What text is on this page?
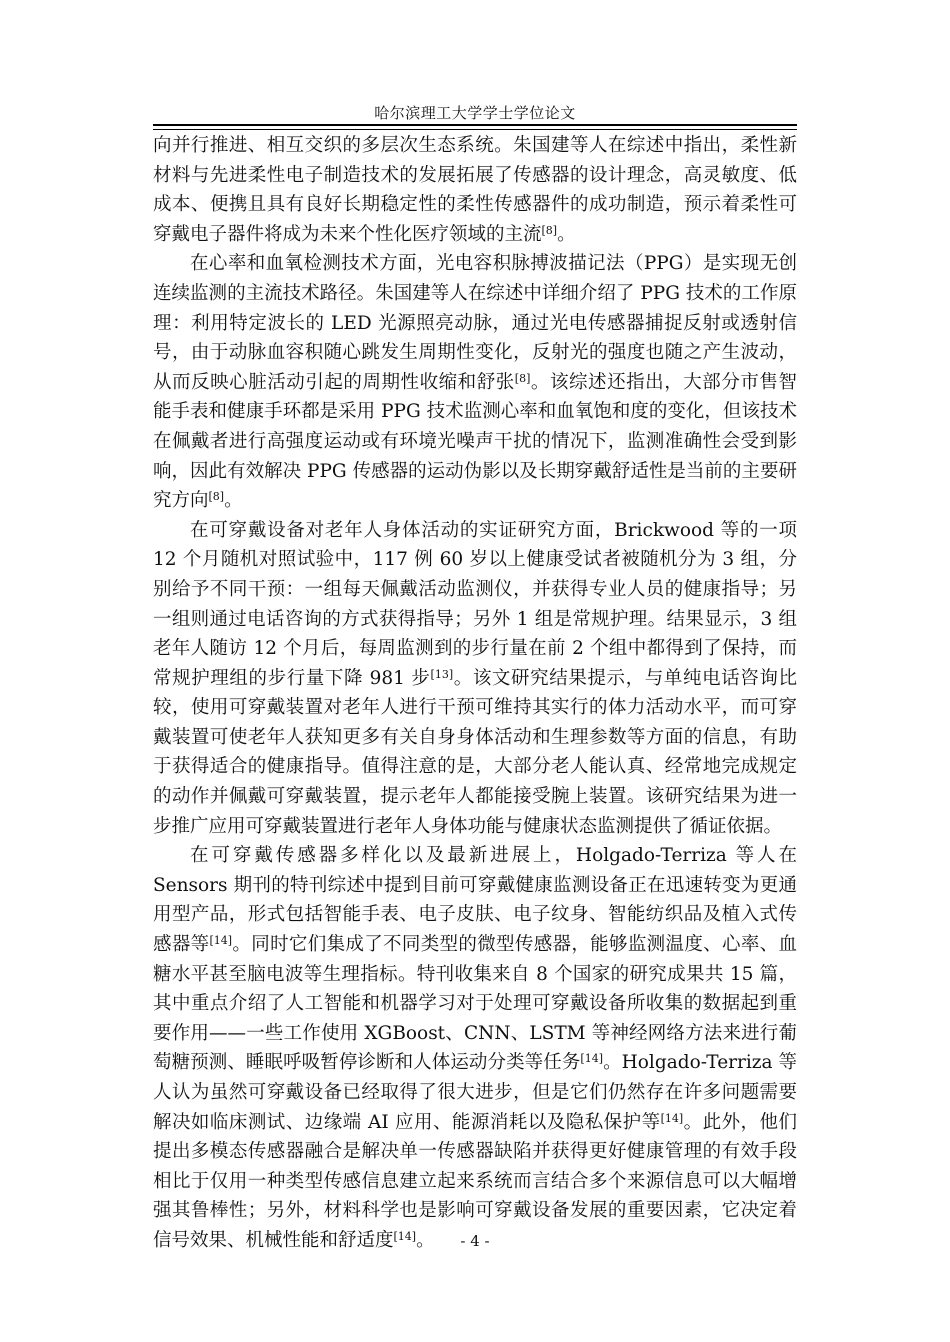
哈尔滨理工大学学士学位论文

向并行推进、相互交织的多层次生态系统。朱国建等人在综述中指出，柔性新材料与先进柔性电子制造技术的发展拓展了传感器的设计理念，高灵敏度、低成本、便携且具有良好长期稳定性的柔性传感器件的成功制造，预示着柔性可穿戴电子器件将成为未来个性化医疗领域的主流[8]。

在心率和血氧检测技术方面，光电容积脉搏波描记法（PPG）是实现无创连续监测的主流技术路径。朱国建等人在综述中详细介绍了 PPG 技术的工作原理：利用特定波长的 LED 光源照亮动脉，通过光电传感器捕捉反射或透射信号，由于动脉血容积随心跳发生周期性变化，反射光的强度也随之产生波动，从而反映心脏活动引起的周期性收缩和舒张[8]。该综述还指出，大部分市售智能手表和健康手环都是采用 PPG 技术监测心率和血氧饱和度的变化，但该技术在佩戴者进行高强度运动或有环境光噪声干扰的情况下，监测准确性会受到影响，因此有效解决 PPG 传感器的运动伪影以及长期穿戴舒适性是当前的主要研究方向[8]。

在可穿戴设备对老年人身体活动的实证研究方面，Brickwood 等的一项 12 个月随机对照试验中，117 例 60 岁以上健康受试者被随机分为 3 组，分别给予不同干预：一组每天佩戴活动监测仪，并获得专业人员的健康指导；另一组则通过电话咨询的方式获得指导；另外 1 组是常规护理。结果显示，3 组老年人随访 12 个月后，每周监测到的步行量在前 2 个组中都得到了保持，而常规护理组的步行量下降 981 步[13]。该文研究结果提示，与单纯电话咨询比较，使用可穿戴装置对老年人进行干预可维持其实行的体力活动水平，而可穿戴装置可使老年人获知更多有关自身身体活动和生理参数等方面的信息，有助于获得适合的健康指导。值得注意的是，大部分老人能认真、经常地完成规定的动作并佩戴可穿戴装置，提示老年人都能接受腕上装置。该研究结果为进一步推广应用可穿戴装置进行老年人身体功能与健康状态监测提供了循证依据。

在可穿戴传感器多样化以及最新进展上，Holgado-Terriza 等人在 Sensors 期刊的特刊综述中提到目前可穿戴健康监测设备正在迅速转变为更通用型产品，形式包括智能手表、电子皮肤、电子纹身、智能纺织品及植入式传感器等[14]。同时它们集成了不同类型的微型传感器，能够监测温度、心率、血糖水平甚至脑电波等生理指标。特刊收集来自 8 个国家的研究成果共 15 篇，其中重点介绍了人工智能和机器学习对于处理可穿戴设备所收集的数据起到重要作用——一些工作使用 XGBoost、CNN、LSTM 等神经网络方法来进行葡萄糖预测、睡眠呼吸暂停诊断和人体运动分类等任务[14]。Holgado-Terriza 等人认为虽然可穿戴设备已经取得了很大进步，但是它们仍然存在许多问题需要解决如临床测试、边缘端 AI 应用、能源消耗以及隐私保护等[14]。此外，他们提出多模态传感器融合是解决单一传感器缺陷并获得更好健康管理的有效手段相比于仅用一种类型传感信息建立起来系统而言结合多个来源信息可以大幅增强其鲁棒性；另外，材料科学也是影响可穿戴设备发展的重要因素，它决定着信号效果、机械性能和舒适度[14]。	- 4 -
